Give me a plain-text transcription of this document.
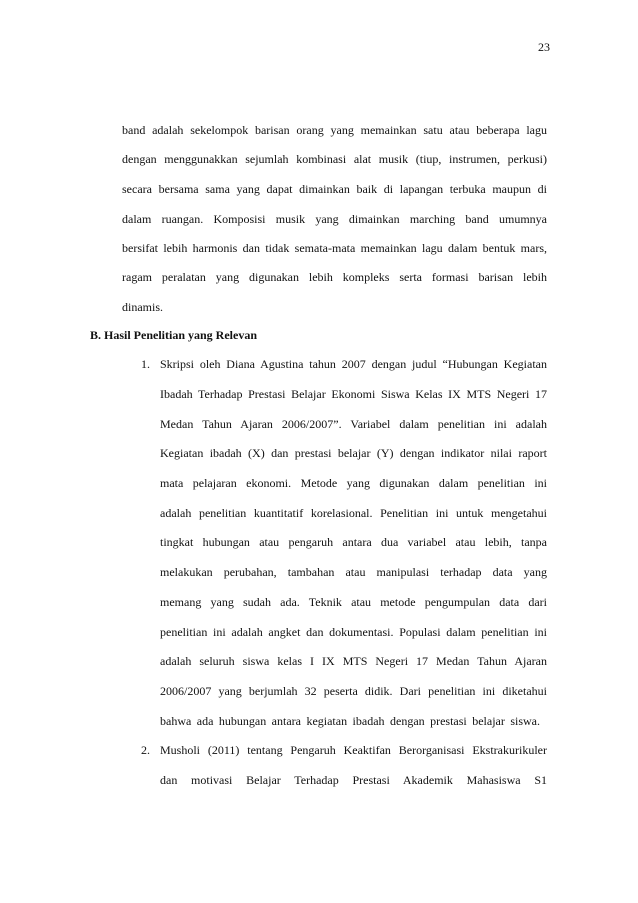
23
band adalah sekelompok barisan orang yang memainkan satu atau beberapa lagu
dengan menggunakkan sejumlah kombinasi alat musik (tiup, instrumen, perkusi)
secara bersama sama yang dapat dimainkan baik di lapangan terbuka maupun di
dalam ruangan. Komposisi musik yang dimainkan marching band umumnya
bersifat lebih harmonis dan tidak semata-mata memainkan lagu dalam bentuk mars,
ragam peralatan yang digunakan lebih kompleks serta formasi barisan lebih
dinamis.
B. Hasil Penelitian yang Relevan
1. Skripsi oleh Diana Agustina tahun 2007 dengan judul “Hubungan Kegiatan
Ibadah Terhadap Prestasi Belajar Ekonomi Siswa Kelas IX MTS Negeri 17
Medan Tahun Ajaran 2006/2007”. Variabel dalam penelitian ini adalah
Kegiatan ibadah (X) dan prestasi belajar (Y) dengan indikator nilai raport
mata pelajaran ekonomi. Metode yang digunakan dalam penelitian ini
adalah penelitian kuantitatif korelasional. Penelitian ini untuk mengetahui
tingkat hubungan atau pengaruh antara dua variabel atau lebih, tanpa
melakukan perubahan, tambahan atau manipulasi terhadap data yang
memang yang sudah ada. Teknik atau metode pengumpulan data dari
penelitian ini adalah angket dan dokumentasi. Populasi dalam penelitian ini
adalah seluruh siswa kelas I IX MTS Negeri 17 Medan Tahun Ajaran
2006/2007 yang berjumlah 32 peserta didik. Dari penelitian ini diketahui
bahwa ada hubungan antara kegiatan ibadah dengan prestasi belajar siswa.
2. Musholi (2011) tentang Pengaruh Keaktifan Berorganisasi Ekstrakurikuler
dan motivasi Belajar Terhadap Prestasi Akademik Mahasiswa S1
